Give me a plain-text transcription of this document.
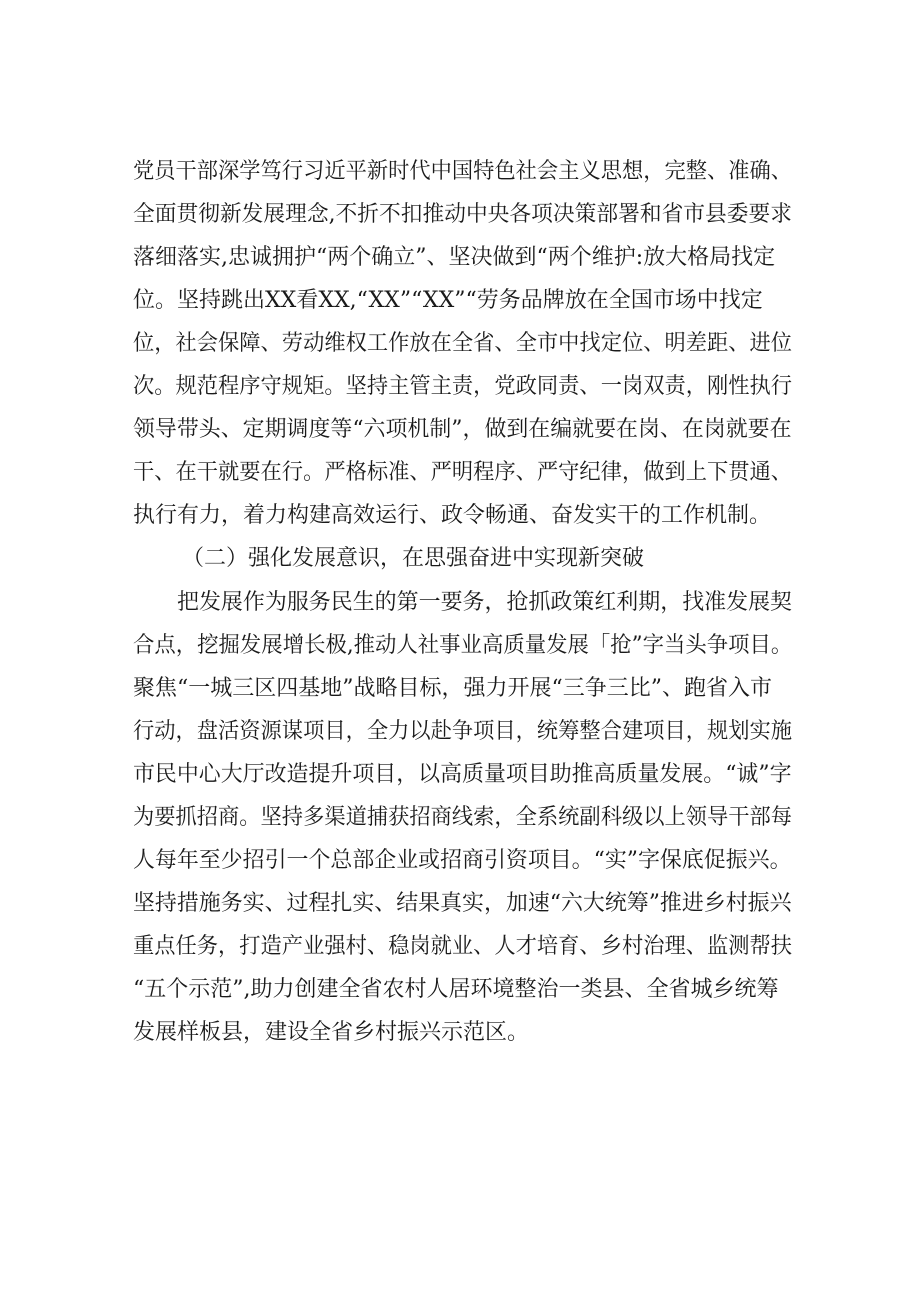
党员干部深学笃行习近平新时代中国特色社会主义思想，完整、准确、
全面贯彻新发展理念,不折不扣推动中央各项决策部署和省市县委要求
落细落实,忠诚拥护“两个确立”、坚决做到“两个维护:放大格局找定
位。坚持跳出XX看XX,“XX”“XX”“劳务品牌放在全国市场中找定
位，社会保障、劳动维权工作放在全省、全市中找定位、明差距、进位
次。规范程序守规矩。坚持主管主责，党政同责、一岗双责，刚性执行
领导带头、定期调度等“六项机制”，做到在编就要在岗、在岗就要在
干、在干就要在行。严格标准、严明程序、严守纪律，做到上下贯通、
执行有力，着力构建高效运行、政令畅通、奋发实干的工作机制。
（二）强化发展意识，在思强奋进中实现新突破
把发展作为服务民生的第一要务，抢抓政策红利期，找准发展契
合点，挖掘发展增长极,推动人社事业高质量发展「抢”字当头争项目。
聚焦“一城三区四基地”战略目标，强力开展“三争三比”、跑省入市
行动，盘活资源谋项目，全力以赴争项目，统筹整合建项目，规划实施
市民中心大厅改造提升项目，以高质量项目助推高质量发展。“诚”字
为要抓招商。坚持多渠道捕获招商线索，全系统副科级以上领导干部每
人每年至少招引一个总部企业或招商引资项目。“实”字保底促振兴。
坚持措施务实、过程扎实、结果真实，加速“六大统筹”推进乡村振兴
重点任务，打造产业强村、稳岗就业、人才培育、乡村治理、监测帮扶
“五个示范”,助力创建全省农村人居环境整治一类县、全省城乡统筹
发展样板县，建设全省乡村振兴示范区。
